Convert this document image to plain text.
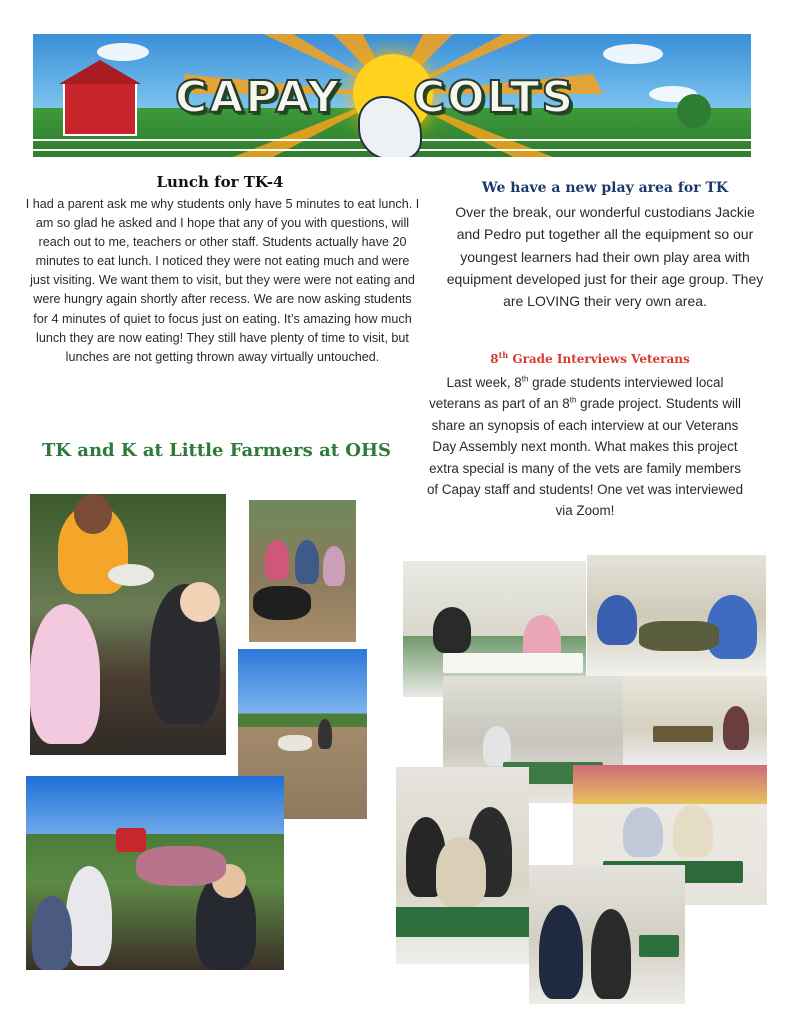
CAPAY COLTS
Lunch for TK-4

I had a parent ask me why students only have 5 minutes to eat lunch. I am so glad he asked and I hope that any of you with questions, will reach out to me, teachers or other staff. Students actually have 20 minutes to eat lunch. I noticed they were not eating much and were just visiting. We want them to visit, but they were were not eating and were hungry again shortly after recess. We are now asking students for 4 minutes of quiet to focus just on eating. It’s amazing how much lunch they are now eating! They still have plenty of time to visit, but lunches are not getting thrown away virtually untouched.

TK and K at Little Farmers at OHS
We have a new play area for TK

Over the break, our wonderful custodians Jackie and Pedro put together all the equipment so our youngest learners had their own play area with equipment developed just for their age group. They are LOVING their very own area.

8th Grade Interviews Veterans

Last week, 8th grade students interviewed local veterans as part of an 8th grade project. Students will share an synopsis of each interview at our Veterans Day Assembly next month. What makes this project extra special is many of the vets are family members of Capay staff and students! One vet was interviewed via Zoom!
